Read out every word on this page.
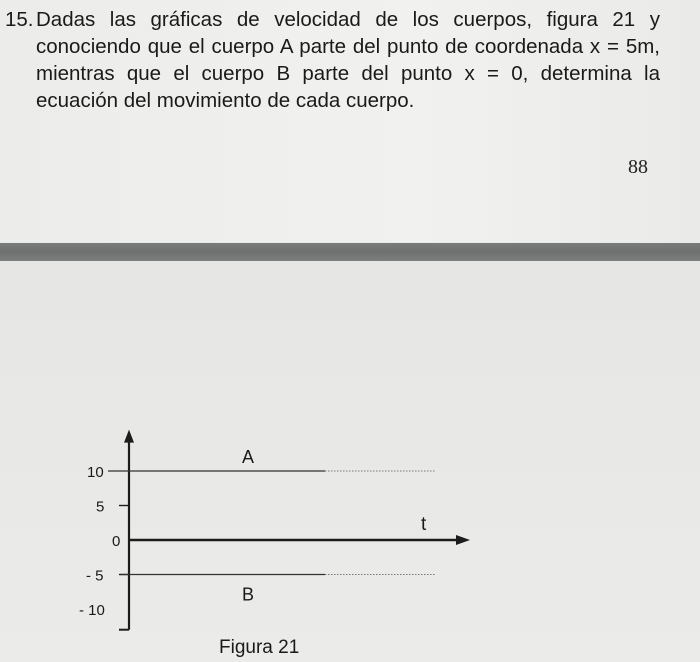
15. Dadas las gráficas de velocidad de los cuerpos, figura 21 y conociendo que el cuerpo A parte del punto de coordenada x = 5m, mientras que el cuerpo B parte del punto x = 0, determina la ecuación del movimiento de cada cuerpo.
88
t
10
5
0
- 5
- 10
A
B
Figura 21
